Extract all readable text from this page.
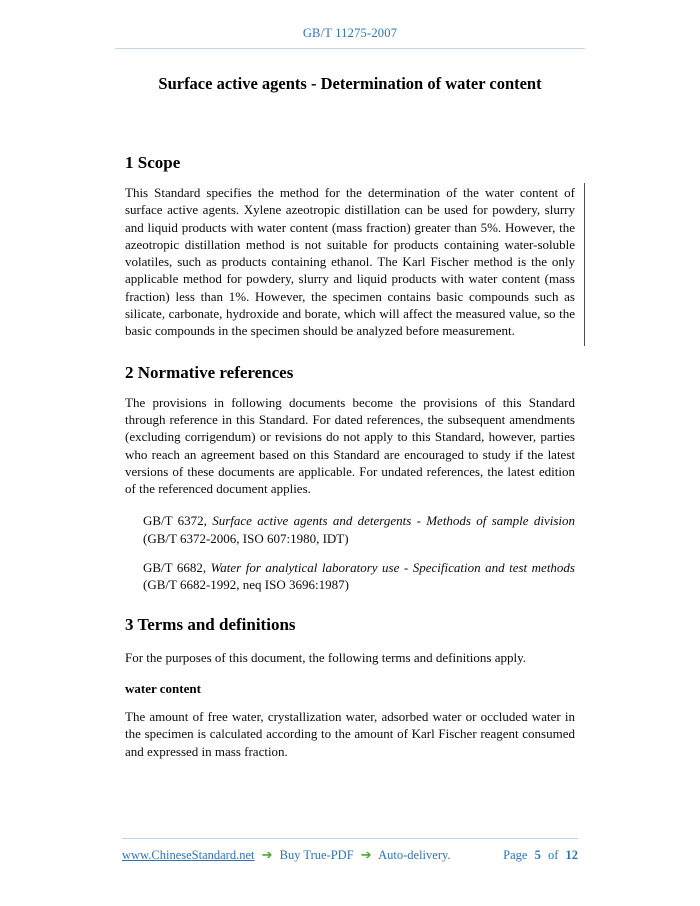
GB/T 11275-2007
Surface active agents - Determination of water content
1 Scope

This Standard specifies the method for the determination of the water content of surface active agents. Xylene azeotropic distillation can be used for powdery, slurry and liquid products with water content (mass fraction) greater than 5%. However, the azeotropic distillation method is not suitable for products containing water-soluble volatiles, such as products containing ethanol. The Karl Fischer method is the only applicable method for powdery, slurry and liquid products with water content (mass fraction) less than 1%. However, the specimen contains basic compounds such as silicate, carbonate, hydroxide and borate, which will affect the measured value, so the basic compounds in the specimen should be analyzed before measurement.

2 Normative references

The provisions in following documents become the provisions of this Standard through reference in this Standard. For dated references, the subsequent amendments (excluding corrigendum) or revisions do not apply to this Standard, however, parties who reach an agreement based on this Standard are encouraged to study if the latest versions of these documents are applicable. For undated references, the latest edition of the referenced document applies.

GB/T 6372, Surface active agents and detergents - Methods of sample division (GB/T 6372-2006, ISO 607:1980, IDT)

GB/T 6682, Water for analytical laboratory use - Specification and test methods (GB/T 6682-1992, neq ISO 3696:1987)

3 Terms and definitions

For the purposes of this document, the following terms and definitions apply.

water content

The amount of free water, crystallization water, adsorbed water or occluded water in the specimen is calculated according to the amount of Karl Fischer reagent consumed and expressed in mass fraction.

www.ChineseStandard.net ➔ Buy True-PDF ➔ Auto-delivery.	Page 5 of 12
